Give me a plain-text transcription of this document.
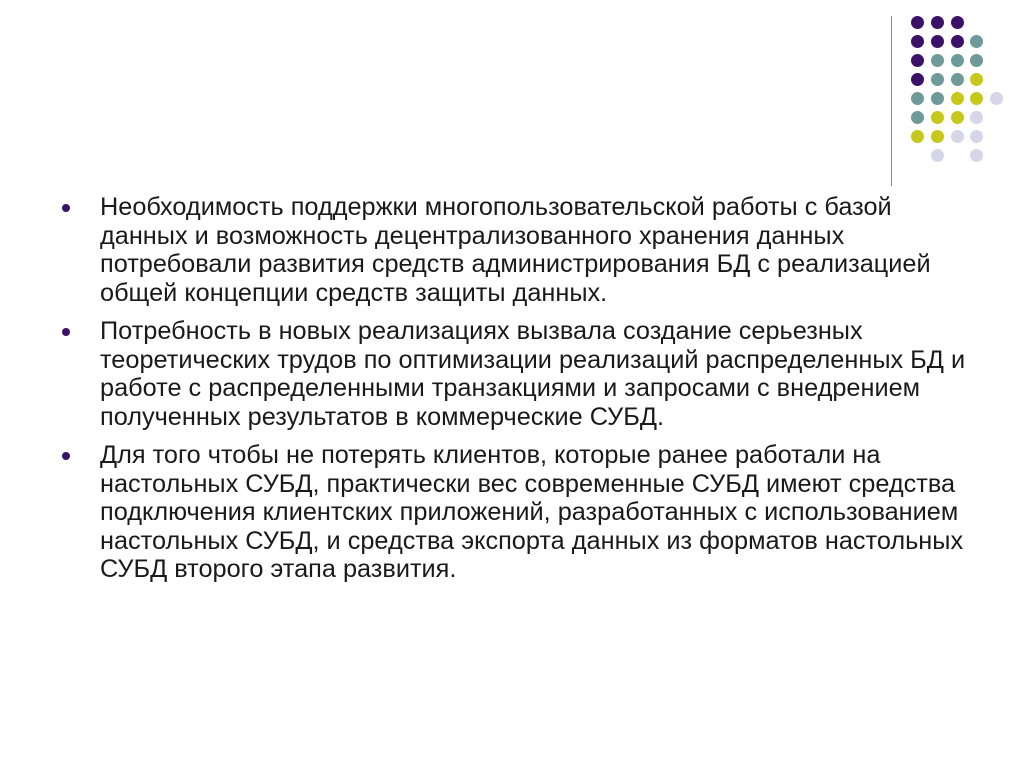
Необходимость поддержки многопользовательской работы с базой данных и возможность децентрализованного хранения данных потребовали развития средств администрирования БД с реализацией общей концепции средств защиты данных.
Потребность в новых реализациях вызвала создание серьезных теоретических трудов по оптимизации реализаций распределенных БД и работе с распределенными транзакциями и запросами с внедрением полученных результатов в коммерческие СУБД.
Для того чтобы не потерять клиентов, которые ранее работали на настольных СУБД, практически вес современные СУБД имеют средства подключения клиентских приложений, разработанных с использованием настольных СУБД, и средства экспорта данных из форматов настольных СУБД второго этапа развития.
